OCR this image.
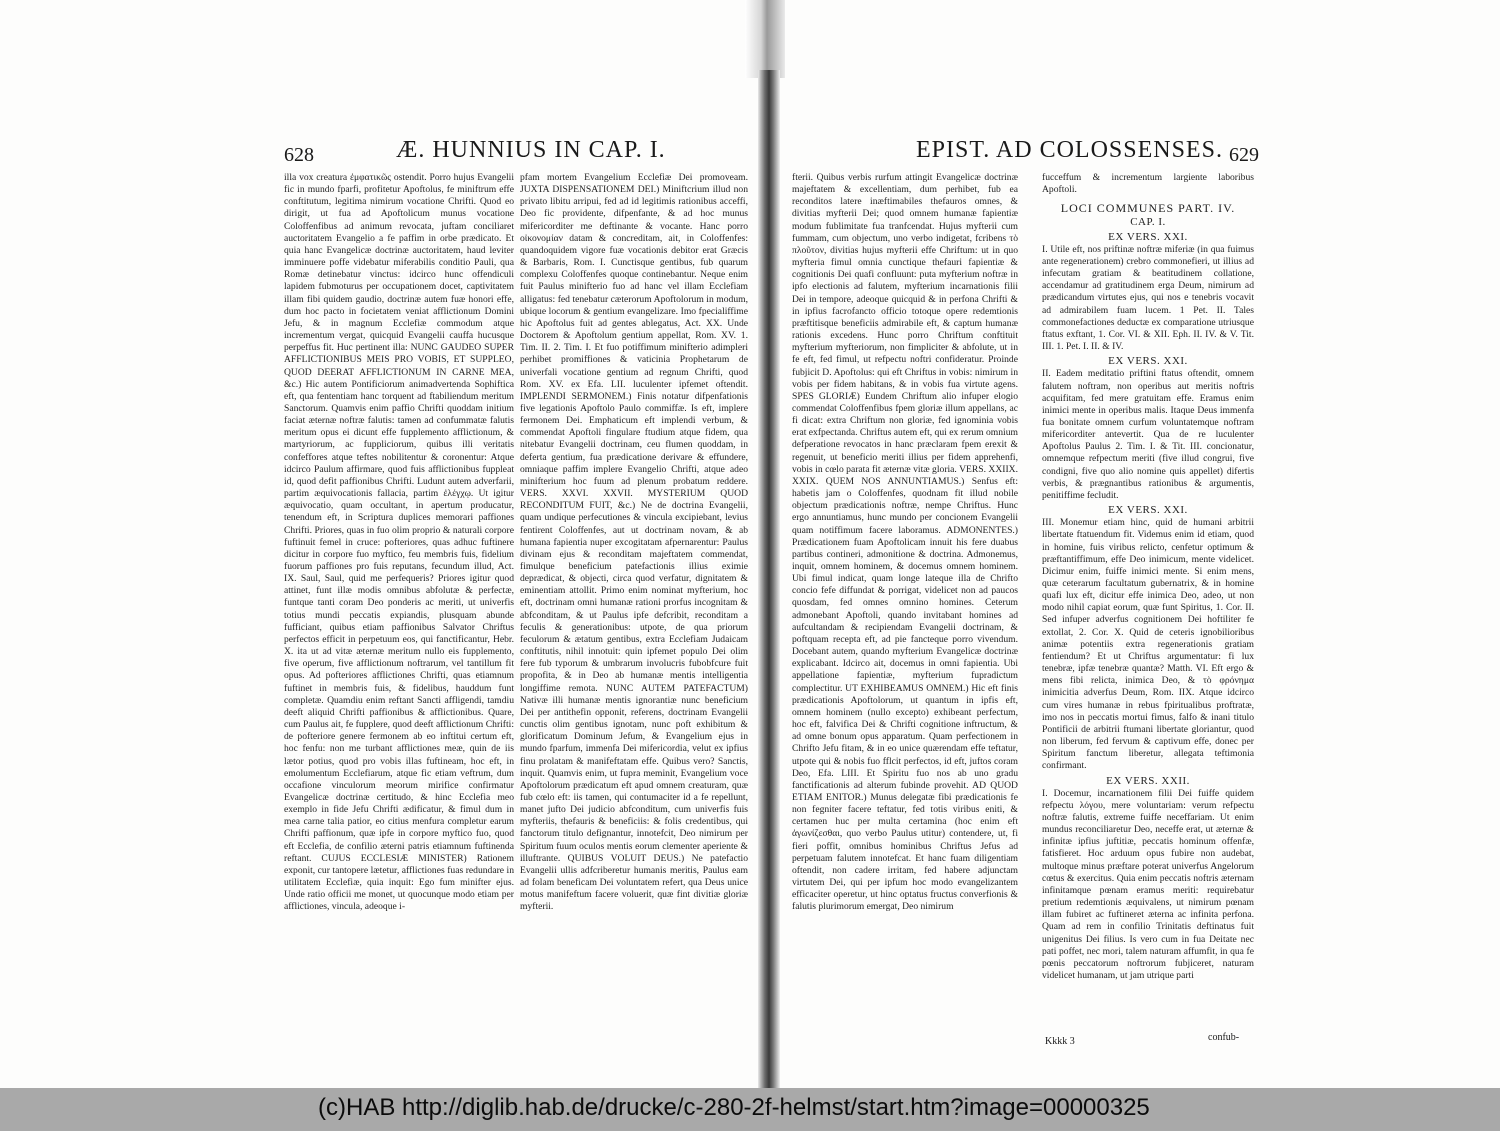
628	Æ. HUNNIUS IN CAP. I.	EPIST. AD COLOSSENSES. 629

illa vox creatura ἐμφατικῶς ostendit. Porro hujus Evangelii fic in mundo fparfi, profitetur Apoftolus, fe miniftrum effe conftitutum, legitima nimirum vocatione Chrifti. Quod eo dirigit, ut fua ad Apoftolicum munus vocatione Coloffenfibus ad animum revocata, juftam conciliaret auctoritatem Evangelio a fe paffim in orbe prædicato. Et quia hanc Evangelicæ doctrinæ auctoritatem, haud leviter imminuere poffe videbatur miferabilis conditio Pauli, qua Romæ detinebatur vinctus: idcirco hunc offendiculi lapidem fubmoturus per occupationem docet, captivitatem illam fibi quidem gaudio, doctrinæ autem fuæ honori effe, dum hoc pacto in focietatem veniat afflictionum Domini Jefu, & in magnum Ecclefiæ commodum atque incrementum vergat, quicquid Evangelii cauffa hucusque perpeffus fit. Huc pertinent illa: NUNC GAUDEO SUPER AFFLICTIONIBUS MEIS PRO VOBIS, ET SUPPLEO, QUOD DEERAT AFFLICTIONUM IN CARNE MEA, &c.) Hic autem Pontificiorum animadvertenda Sophiftica eft, qua fententiam hanc torquent ad ftabiliendum meritum Sanctorum. Quamvis enim paffio Chrifti quoddam initium faciat æternæ noftræ falutis: tamen ad confummatæ falutis meritum opus ei dicunt effe fupplemento afflictionum, & martyriorum, ac fuppliciorum, quibus illi veritatis confeffores atque teftes nobilitentur & coronentur: Atque idcirco Paulum affirmare, quod fuis afflictionibus fuppleat id, quod defit paffionibus Chrifti. Ludunt autem adverfarii, partim æquivocationis fallacia, partim ἐλέγχῳ. Ut igitur æquivocatio, quam occultant, in apertum producatur, tenendum eft, in Scriptura duplices memorari paffiones Chrifti. Priores, quas in fuo olim proprio & naturali corpore fuftinuit femel in cruce: pofteriores, quas adhuc fuftinere dicitur in corpore fuo myftico, feu membris fuis, fidelium fuorum paffiones pro fuis reputans, fecundum illud, Act. IX. Saul, Saul, quid me perfequeris? Priores igitur quod attinet, funt illæ modis omnibus abfolutæ & perfectæ, funtque tanti coram Deo ponderis ac meriti, ut univerfis totius mundi peccatis expiandis, plusquam abunde fufficiant, quibus etiam paffionibus Salvator Chriftus perfectos efficit in perpetuum eos, qui fanctificantur, Hebr. X. ita ut ad vitæ æternæ meritum nullo eis fupplemento, five operum, five afflictionum noftrarum, vel tantillum fit opus. Ad pofteriores afflictiones Chrifti, quas etiamnum fuftinet in membris fuis, & fidelibus, hauddum funt completæ. Quamdiu enim reftant Sancti affligendi, tamdiu deeft aliquid Chrifti paffionibus & afflictionibus. Quare, cum Paulus ait, fe fupplere, quod deeft afflictionum Chrifti: de pofteriore genere fermonem ab eo inftitui certum eft, hoc fenfu: non me turbant afflictiones meæ, quin de iis lætor potius, quod pro vobis illas fuftineam, hoc eft, in emolumentum Ecclefiarum, atque fic etiam veftrum, dum occafione vinculorum meorum mirifice confirmatur Evangelicæ doctrinæ certitudo, & hinc Ecclefia meo exemplo in fide Jefu Chrifti ædificatur, & fimul dum in mea carne talia patior, eo citius menfura completur earum Chrifti paffionum, quæ ipfe in corpore myftico fuo, quod eft Ecclefia, de confilio æterni patris etiamnum fuftinenda reftant. CUJUS ECCLESIÆ MINISTER) Rationem exponit, cur tantopere lætetur, afflictiones fuas redundare in utilitatem Ecclefiæ, quia inquit: Ego fum minifter ejus. Unde ratio officii me monet, ut quocunque modo etiam per afflictiones, vincula, adeoque i-

pfam mortem Evangelium Ecclefiæ Dei promoveam. JUXTA DISPENSATIONEM DEI.) Miniftcrium illud non privato libitu arripui, fed ad id legitimis rationibus acceffi, Deo fic providente, difpenfante, & ad hoc munus mifericorditer me deftinante & vocante. Hanc porro οἰκονομίαν datam & concreditam, ait, in Coloffenfes: quandoquidem vigore fuæ vocationis debitor erat Græcis & Barbaris, Rom. I. Cunctisque gentibus, fub quarum complexu Coloffenfes quoque continebantur. Neque enim fuit Paulus minifterio fuo ad hanc vel illam Ecclefiam alligatus: fed tenebatur cæterorum Apoftolorum in modum, ubique locorum & gentium evangelizare. Imo fpecialiffime hic Apoftolus fuit ad gentes ablegatus, Act. XX. Unde Doctorem & Apoftolum gentium appellat, Rom. XV. 1. Tim. II. 2. Tim. I. Et fuo potiffimum minifterio adimpleri perhibet promiffiones & vaticinia Prophetarum de univerfali vocatione gentium ad regnum Chrifti, quod Rom. XV. ex Efa. LII. luculenter ipfemet oftendit. IMPLENDI SERMONEM.) Finis notatur difpenfationis five legationis Apoftolo Paulo commiffæ. Is eft, implere fermonem Dei. Emphaticum eft implendi verbum, & commendat Apoftoli fingulare ftudium atque fidem, qua nitebatur Evangelii doctrinam, ceu flumen quoddam, in deferta gentium, fua prædicatione derivare & effundere, omniaque paffim implere Evangelio Chrifti, atque adeo minifterium hoc fuum ad plenum probatum reddere. VERS. XXVI. XXVII. MYSTERIUM QUOD RECONDITUM FUIT, &c.) Ne de doctrina Evangelii, quam undique perfecutiones & vincula excipiebant, levius fentirent Coloffenfes, aut ut doctrinam novam, & ab humana fapientia nuper excogitatam afpernarentur: Paulus divinam ejus & reconditam majeftatem commendat, fimulque beneficium patefactionis illius eximie deprædicat, & objecti, circa quod verfatur, dignitatem & eminentiam attollit. Primo enim nominat myfterium, hoc eft, doctrinam omni humanæ rationi prorfus incognitam & abfconditam, & ut Paulus ipfe defcribit, reconditam a feculis & generationibus: utpote, de qua priorum feculorum & ætatum gentibus, extra Ecclefiam Judaicam conftitutis, nihil innotuit: quin ipfemet populo Dei olim fere fub typorum & umbrarum involucris fubobfcure fuit propofita, & in Deo ab humanæ mentis intelligentia longiffime remota. NUNC AUTEM PATEFACTUM) Nativæ illi humanæ mentis ignorantiæ nunc beneficium Dei per antithefin opponit, referens, doctrinam Evangelii cunctis olim gentibus ignotam, nunc poft exhibitum & glorificatum Dominum Jefum, & Evangelium ejus in mundo fparfum, immenfa Dei mifericordia, velut ex ipfius finu prolatam & manifeftatam effe. Quibus vero? Sanctis, inquit. Quamvis enim, ut fupra meminit, Evangelium voce Apoftolorum prædicatum eft apud omnem creaturam, quæ fub cœlo eft: iis tamen, qui contumaciter id a fe repellunt, manet jufto Dei judicio abfconditum, cum univerfis fuis myfteriis, thefauris & beneficiis: & folis credentibus, qui fanctorum titulo defignantur, innotefcit, Deo nimirum per Spiritum fuum oculos mentis eorum clementer aperiente & illuftrante. QUIBUS VOLUIT DEUS.) Ne patefactio Evangelii ullis adfcriberetur humanis meritis, Paulus eam ad folam beneficam Dei voluntatem refert, qua Deus unice motus manifeftum facere voluerit, quæ fint divitiæ gloriæ myfterii.

fterii. Quibus verbis rurfum attingit Evangelicæ doctrinæ majeftatem & excellentiam, dum perhibet, fub ea reconditos latere inæftimabiles thefauros omnes, & divitias myfterii Dei; quod omnem humanæ fapientiæ modum fublimitate fua tranfcendat. Hujus myfterii cum fummam, cum objectum, uno verbo indigetat, fcribens τὸ πλοῦτον, divitias hujus myfterii effe Chriftum: ut in quo myfteria fimul omnia cunctique thefauri fapientiæ & cognitionis Dei quafi confluunt: puta myfterium noftræ in ipfo electionis ad falutem, myfterium incarnationis filii Dei in tempore, adeoque quicquid & in perfona Chrifti & in ipfius facrofancto officio totoque opere redemtionis præftitisque beneficiis admirabile eft, & captum humanæ rationis excedens. Hunc porro Chriftum conftituit myfterium myfteriorum, non fimpliciter & abfolute, ut in fe eft, fed fimul, ut refpectu noftri confideratur. Proinde fubjicit D. Apoftolus: qui eft Chriftus in vobis: nimirum in vobis per fidem habitans, & in vobis fua virtute agens. SPES GLORIÆ) Eundem Chriftum alio infuper elogio commendat Coloffenfibus fpem gloriæ illum appellans, ac fi dicat: extra Chriftum non gloriæ, fed ignominia vobis erat exfpectanda. Chriftus autem eft, qui ex rerum omnium defperatione revocatos in hanc præclaram fpem erexit & regenuit, ut beneficio meriti illius per fidem apprehenfi, vobis in cœlo parata fit æternæ vitæ gloria. VERS. XXIIX. XXIX. QUEM NOS ANNUNTIAMUS.) Senfus eft: habetis jam o Coloffenfes, quodnam fit illud nobile objectum prædicationis noftræ, nempe Chriftus. Hunc ergo annuntiamus, hunc mundo per concionem Evangelii quam notiffimum facere laboramus. ADMONENTES.) Prædicationem fuam Apoftolicam innuit his fere duabus partibus contineri, admonitione & doctrina. Admonemus, inquit, omnem hominem, & docemus omnem hominem. Ubi fimul indicat, quam longe lateque illa de Chrifto concio fefe diffundat & porrigat, videlicet non ad paucos quosdam, fed omnes omnino homines. Ceterum admonebant Apoftoli, quando invitabant homines ad aufcultandam & recipiendam Evangelii doctrinam, & poftquam recepta eft, ad pie fancteque porro vivendum. Docebant autem, quando myfterium Evangelicæ doctrinæ explicabant. Idcirco ait, docemus in omni fapientia. Ubi appellatione fapientiæ, myfterium fupradictum complectitur. UT EXHIBEAMUS OMNEM.) Hic eft finis prædicationis Apoftolorum, ut quantum in ipfis eft, omnem hominem (nullo excepto) exhibeant perfectum, hoc eft, falvifica Dei & Chrifti cognitione inftructum, & ad omne bonum opus apparatum. Quam perfectionem in Chrifto Jefu fitam, & in eo unice quærendam effe teftatur, utpote qui & nobis fuo fflcit perfectos, id eft, juftos coram Deo, Efa. LIII. Et Spiritu fuo nos ab uno gradu fanctificationis ad alterum fubinde provehit. AD QUOD ETIAM ENITOR.) Munus delegatæ fibi prædicationis fe non fegniter facere teftatur, fed totis viribus eniti, & certamen huc per multa certamina (hoc enim eft ἀγωνίζεσθαι, quo verbo Paulus utitur) contendere, ut, fi fieri poffit, omnibus hominibus Chriftus Jefus ad perpetuam falutem innotefcat. Et hanc fuam diligentiam oftendit, non cadere irritam, fed habere adjunctam virtutem Dei, qui per ipfum hoc modo evangelizantem efficaciter operetur, ut hinc optatus fructus converfionis & falutis plurimorum emergat, Deo nimirum

fucceffum & incrementum largiente laboribus Apoftoli.

LOCI COMMUNES PART. IV.
CAP. I.
EX VERS. XXI.

I. Utile eft, nos priftinæ noftræ miferiæ (in qua fuimus ante regenerationem) crebro commonefieri, ut illius ad infecutam gratiam & beatitudinem collatione, accendamur ad gratitudinem erga Deum, nimirum ad prædicandum virtutes ejus, qui nos e tenebris vocavit ad admirabilem fuam lucem. 1 Pet. II. Tales commonefactiones deductæ ex comparatione utriusque ftatus exftant, 1. Cor. VI. & XII. Eph. II. IV. & V. Tit. III. 1. Pet. I. II. & IV.

EX VERS. XXI.

II. Eadem meditatio priftini ftatus oftendit, omnem falutem noftram, non operibus aut meritis noftris acquifitam, fed mere gratuitam effe. Eramus enim inimici mente in operibus malis. Itaque Deus immenfa fua bonitate omnem curfum voluntatemque noftram mifericorditer antevertit. Qua de re luculenter Apoftolus Paulus 2. Tim. I. & Tit. III. concionatur, omnemque refpectum meriti (five illud congrui, five condigni, five quo alio nomine quis appellet) difertis verbis, & prægnantibus rationibus & argumentis, penitiffime fecludit.

EX VERS. XXI.

III. Monemur etiam hinc, quid de humani arbitrii libertate ftatuendum fit. Videmus enim id etiam, quod in homine, fuis viribus relicto, cenfetur optimum & præftantiffimum, effe Deo inimicum, mente videlicet. Dicimur enim, fuiffe inimici mente. Si enim mens, quæ ceterarum facultatum gubernatrix, & in homine quafi lux eft, dicitur effe inimica Deo, adeo, ut non modo nihil capiat eorum, quæ funt Spiritus, 1. Cor. II. Sed infuper adverfus cognitionem Dei hoftiliter fe extollat, 2. Cor. X. Quid de ceteris ignobilioribus animæ potentiis extra regenerationis gratiam fentiendum? Et ut Chriftus argumentatur: fi lux tenebræ, ipfæ tenebræ quantæ? Matth. VI. Eft ergo & mens fibi relicta, inimica Deo, & τὸ φρόνημα inimicitia adverfus Deum, Rom. IIX. Atque idcirco cum vires humanæ in rebus fpiritualibus proftratæ, imo nos in peccatis mortui fimus, falfo & inani titulo Pontificii de arbitrii ftumani libertate gloriantur, quod non liberum, fed fervum & captivum effe, donec per Spiritum fanctum liberetur, allegata teftimonia confirmant.

EX VERS. XXII.

I. Docemur, incarnationem filii Dei fuiffe quidem refpectu λόγου, mere voluntariam: verum refpectu noftræ falutis, extreme fuiffe neceffariam. Ut enim mundus reconciliaretur Deo, neceffe erat, ut æternæ & infinitæ ipfius juftitiæ, peccatis hominum offenfæ, fatisfieret. Hoc arduum opus fubire non audebat, multoque minus præftare poterat univerfus Angelorum cœtus & exercitus. Quia enim peccatis noftris æternam infinitamque pœnam eramus meriti: requirebatur pretium redemtionis æquivalens, ut nimirum pœnam illam fubiret ac fuftineret æterna ac infinita perfona. Quam ad rem in confilio Trinitatis deftinatus fuit unigenitus Dei filius. Is vero cum in fua Deitate nec pati poffet, nec mori, talem naturam affumfit, in qua fe pœnis peccatorum noftrorum fubjiceret, naturam videlicet humanam, ut jam utrique parti

Kkkk 3	confub-
(c)HAB http://diglib.hab.de/drucke/c-280-2f-helmst/start.htm?image=00000325
